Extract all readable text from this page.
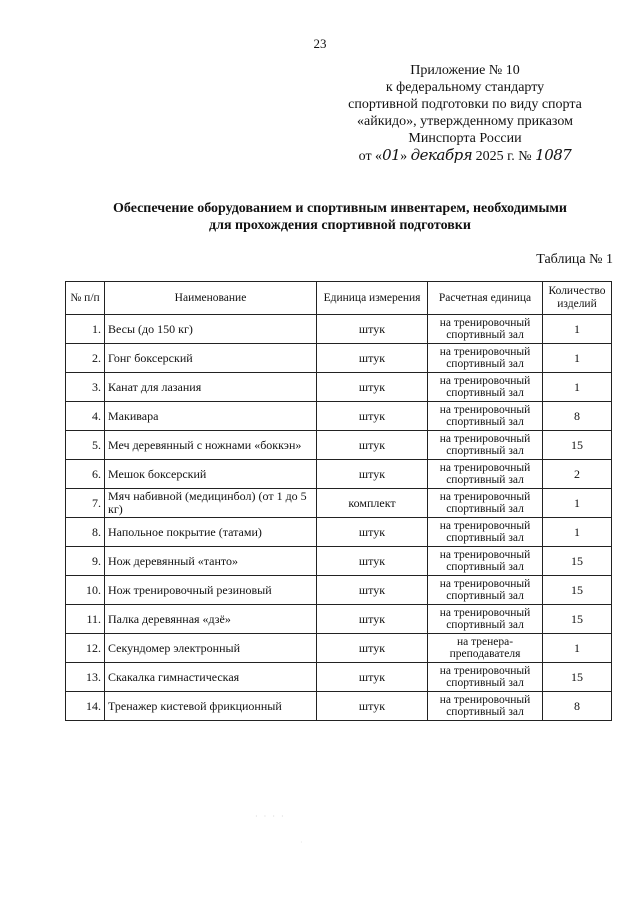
23
Приложение № 10
к федеральному стандарту
спортивной подготовки по виду спорта
«айкидо», утвержденному приказом
Минспорта России
от «01» декабря 2025 г. № 1087
Обеспечение оборудованием и спортивным инвентарем, необходимыми
для прохождения спортивной подготовки
Таблица № 1
№ п/п	Наименование	Единица измерения	Расчетная единица	Количество изделий
1.	Весы (до 150 кг)	штук	на тренировочный спортивный зал	1
2.	Гонг боксерский	штук	на тренировочный спортивный зал	1
3.	Канат для лазания	штук	на тренировочный спортивный зал	1
4.	Макивара	штук	на тренировочный спортивный зал	8
5.	Меч деревянный с ножнами «боккэн»	штук	на тренировочный спортивный зал	15
6.	Мешок боксерский	штук	на тренировочный спортивный зал	2
7.	Мяч набивной (медицинбол) (от 1 до 5 кг)	комплект	на тренировочный спортивный зал	1
8.	Напольное покрытие (татами)	штук	на тренировочный спортивный зал	1
9.	Нож деревянный «танто»	штук	на тренировочный спортивный зал	15
10.	Нож тренировочный резиновый	штук	на тренировочный спортивный зал	15
11.	Палка деревянная «дзё»	штук	на тренировочный спортивный зал	15
12.	Секундомер электронный	штук	на тренера-преподавателя	1
13.	Скакалка гимнастическая	штук	на тренировочный спортивный зал	15
14.	Тренажер кистевой фрикционный	штук	на тренировочный спортивный зал	8
· · · ·
·
